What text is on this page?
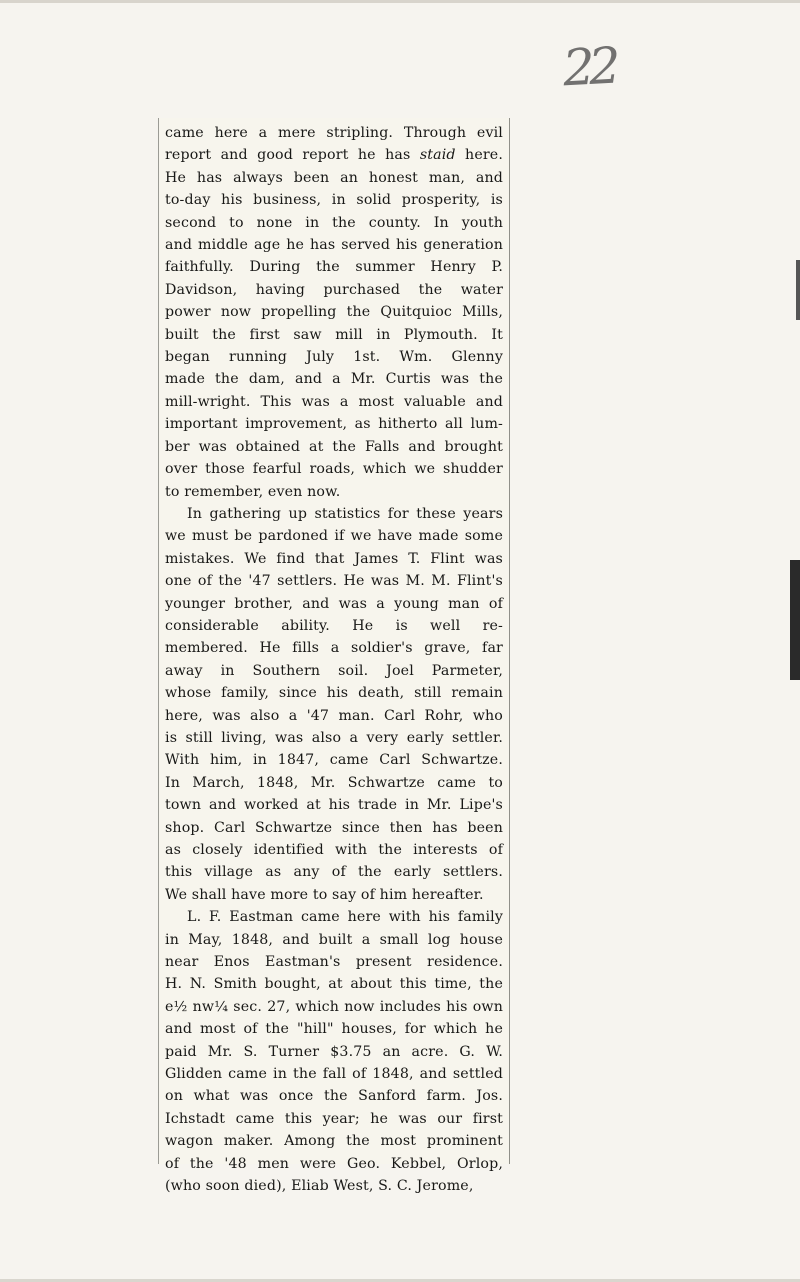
22

came here a mere stripling. Through evil
report and good report he has staid here.
He has always been an honest man, and
to-day his business, in solid prosperity, is
second to none in the county. In youth
and middle age he has served his generation
faithfully. During the summer Henry P.
Davidson, having purchased the water
power now propelling the Quitquioc Mills,
built the first saw mill in Plymouth. It
began running July 1st. Wm. Glenny
made the dam, and a Mr. Curtis was the
mill-wright. This was a most valuable and
important improvement, as hitherto all lum-
ber was obtained at the Falls and brought
over those fearful roads, which we shudder
to remember, even now.

In gathering up statistics for these years
we must be pardoned if we have made some
mistakes. We find that James T. Flint was
one of the '47 settlers. He was M. M. Flint's
younger brother, and was a young man of
considerable ability. He is well re-
membered. He fills a soldier's grave, far
away in Southern soil. Joel Parmeter,
whose family, since his death, still remain
here, was also a '47 man. Carl Rohr, who
is still living, was also a very early settler.
With him, in 1847, came Carl Schwartze.
In March, 1848, Mr. Schwartze came to
town and worked at his trade in Mr. Lipe's
shop. Carl Schwartze since then has been
as closely identified with the interests of
this village as any of the early settlers.
We shall have more to say of him hereafter.

L. F. Eastman came here with his family
in May, 1848, and built a small log house
near Enos Eastman's present residence.
H. N. Smith bought, at about this time, the
e½ nw¼ sec. 27, which now includes his own
and most of the "hill" houses, for which he
paid Mr. S. Turner $3.75 an acre. G. W.
Glidden came in the fall of 1848, and settled
on what was once the Sanford farm. Jos.
Ichstadt came this year; he was our first
wagon maker. Among the most prominent
of the '48 men were Geo. Kebbel, Orlop,
(who soon died), Eliab West, S. C. Jerome,
